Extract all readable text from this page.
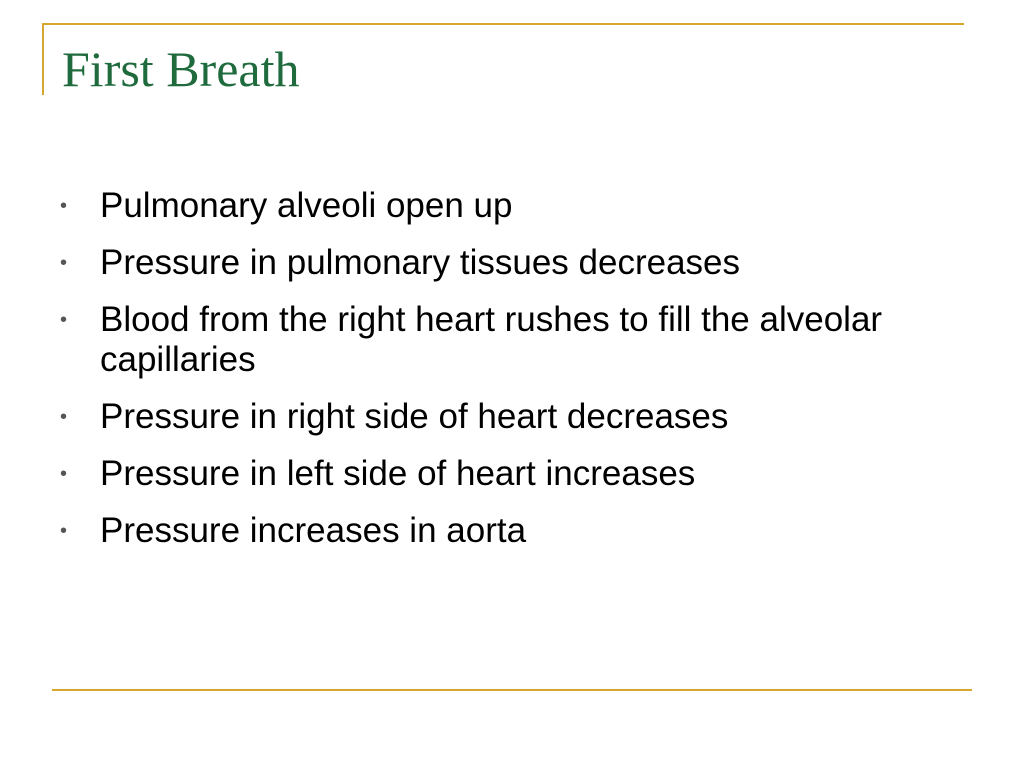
First Breath
• Pulmonary alveoli open up
• Pressure in pulmonary tissues decreases
• Blood from the right heart rushes to fill the alveolar capillaries
• Pressure in right side of heart decreases
• Pressure in left side of heart increases
• Pressure increases in aorta
